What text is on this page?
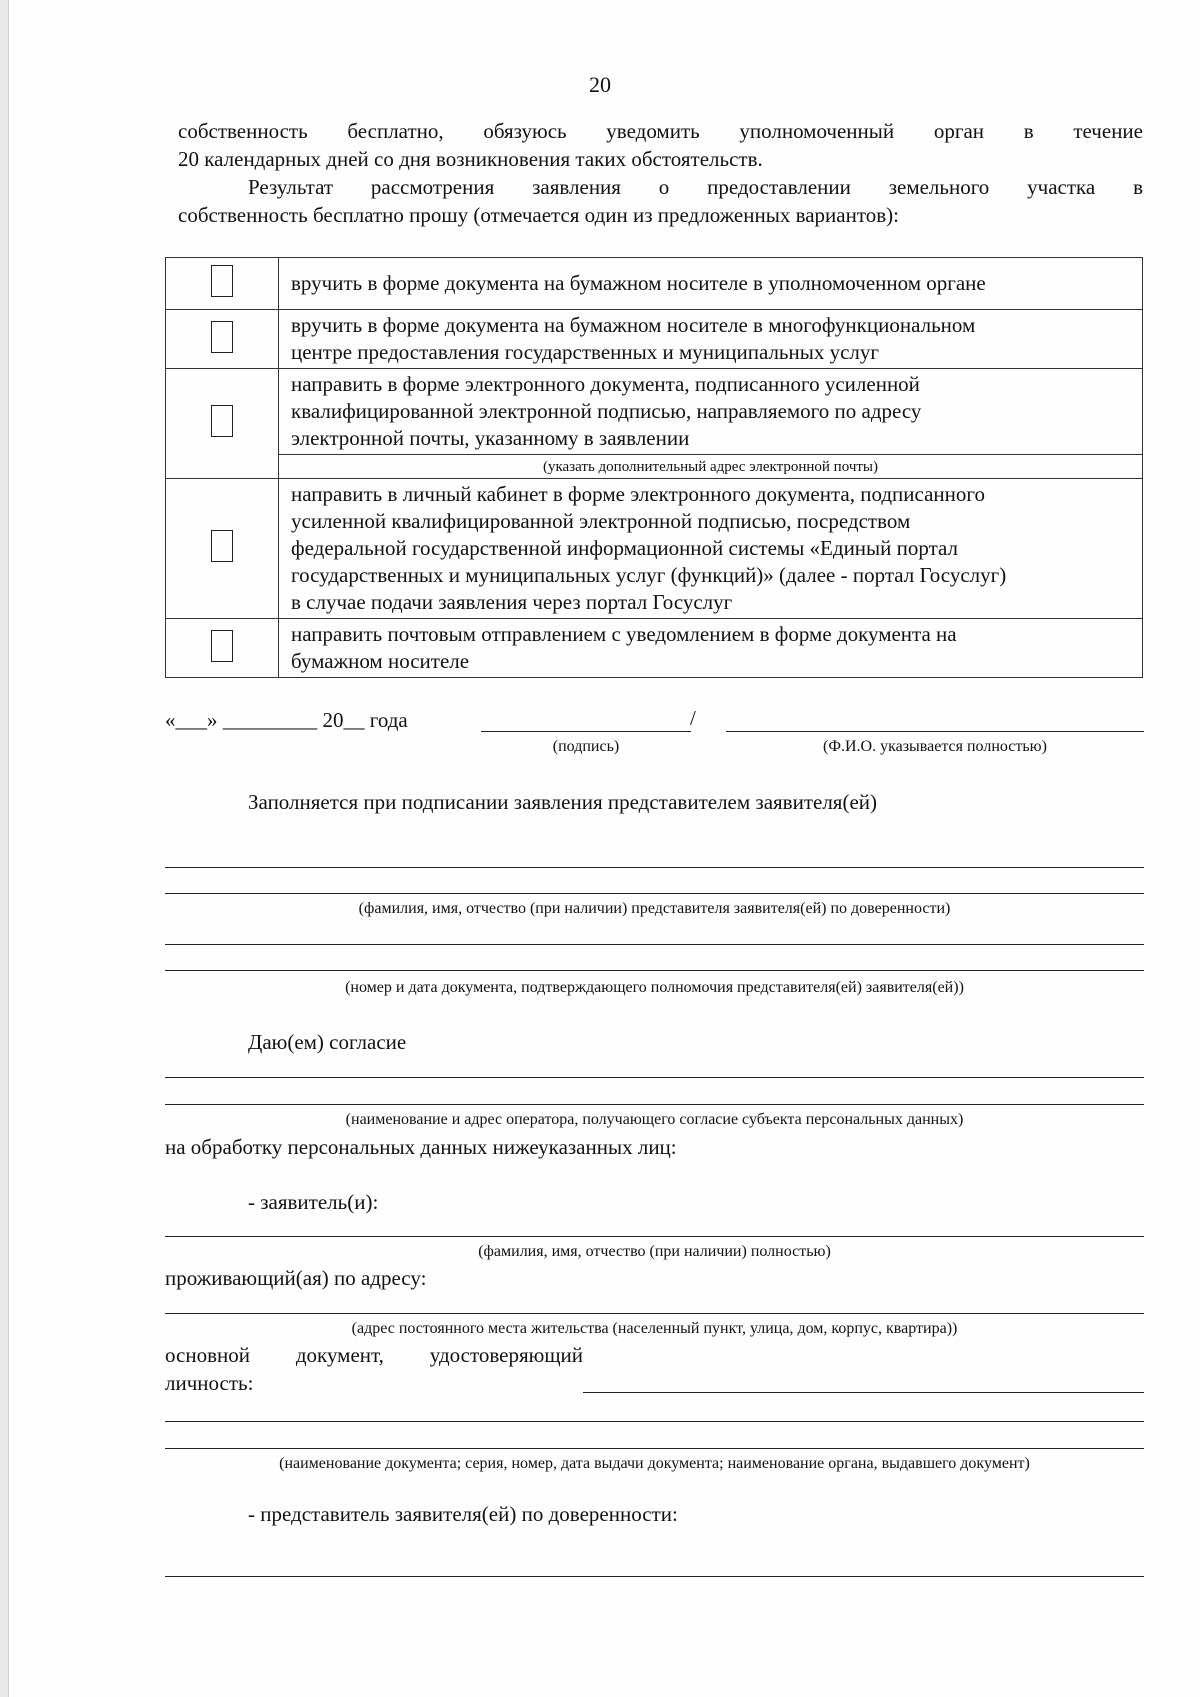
20
собственность бесплатно, обязуюсь уведомить уполномоченный орган в течение
20 календарных дней со дня возникновения таких обстоятельств.
Результат рассмотрения заявления о предоставлении земельного участка в
собственность бесплатно прошу (отмечается один из предложенных вариантов):

	вручить в форме документа на бумажном носителе в уполномоченном органе

	вручить в форме документа на бумажном носителе в многофункциональном
центре предоставления государственных и муниципальных услуг

	направить в форме электронного документа, подписанного усиленной
квалифицированной электронной подписью, направляемого по адресу
электронной почты, указанному в заявлении

	(указать дополнительный адрес электронной почты)

	направить в личный кабинет в форме электронного документа, подписанного
усиленной квалифицированной электронной подписью, посредством
федеральной государственной информационной системы «Единый портал
государственных и муниципальных услуг (функций)» (далее - портал Госуслуг)
в случае подачи заявления через портал Госуслуг

	направить почтовым отправлением с уведомлением в форме документа на
бумажном носителе
«___» _________ 20__ года	/
(подпись)	(Ф.И.О. указывается полностью)
Заполняется при подписании заявления представителем заявителя(ей)
(фамилия, имя, отчество (при наличии) представителя заявителя(ей) по доверенности)
(номер и дата документа, подтверждающего полномочия представителя(ей) заявителя(ей))
Даю(ем) согласие
(наименование и адрес оператора, получающего согласие субъекта персональных данных)
на обработку персональных данных нижеуказанных лиц:
- заявитель(и):
(фамилия, имя, отчество (при наличии) полностью)
проживающий(ая) по адресу:
(адрес постоянного места жительства (населенный пункт, улица, дом, корпус, квартира))
основной документ, удостоверяющий
личность:
(наименование документа; серия, номер, дата выдачи документа; наименование органа, выдавшего документ)
- представитель заявителя(ей) по доверенности:
